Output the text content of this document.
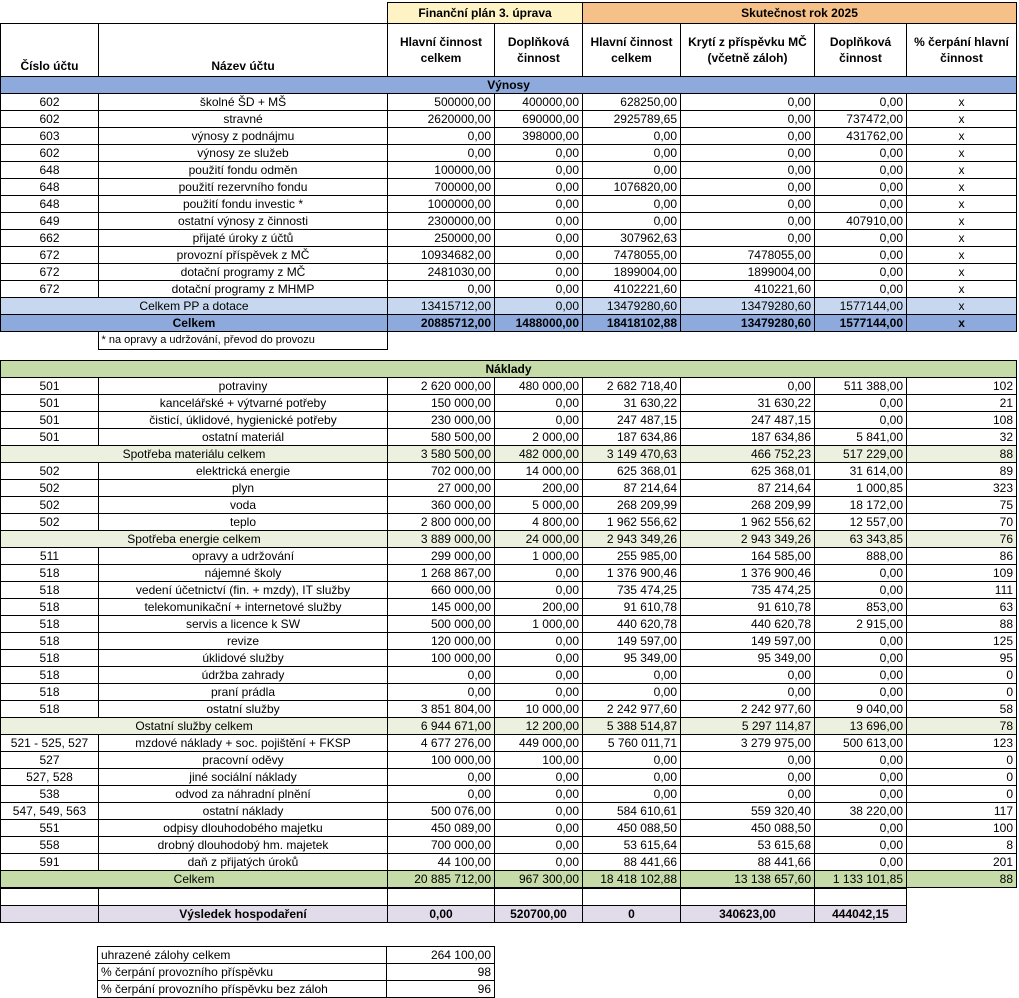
		Finanční plán 3. úprava		Skutečnost rok 2025			
Číslo účtu	Název účtu	Hlavní činnost celkem	Doplňková činnost	Hlavní činnost celkem	Krytí z příspěvku MČ (včetně záloh)	Doplňková činnost	% čerpání hlavní činnost
Výnosy							
602	školné ŠD + MŠ	500000,00	400000,00	628250,00	0,00	0,00	x
602	stravné	2620000,00	690000,00	2925789,65	0,00	737472,00	x
603	výnosy z podnájmu	0,00	398000,00	0,00	0,00	431762,00	x
602	výnosy ze služeb	0,00	0,00	0,00	0,00	0,00	x
648	použití fondu odměn	100000,00	0,00	0,00	0,00	0,00	x
648	použití rezervního fondu	700000,00	0,00	1076820,00	0,00	0,00	x
648	použití fondu investic *	1000000,00	0,00	0,00	0,00	0,00	x
649	ostatní výnosy z činnosti	2300000,00	0,00	0,00	0,00	407910,00	x
662	přijaté úroky z účtů	250000,00	0,00	307962,63	0,00	0,00	x
672	provozní příspěvek z MČ	10934682,00	0,00	7478055,00	7478055,00	0,00	x
672	dotační programy z MČ	2481030,00	0,00	1899004,00	1899004,00	0,00	x
672	dotační programy z MHMP	0,00	0,00	4102221,60	410221,60	0,00	x
Celkem PP a dotace		13415712,00	0,00	13479280,60	13479280,60	1577144,00	x
Celkem		20885712,00	1488000,00	18418102,88	13479280,60	1577144,00	x
	* na opravy a udržování, převod do provozu
Náklady							
501	potraviny	2 620 000,00	480 000,00	2 682 718,40	0,00	511 388,00	102
501	kancelářské + výtvarné potřeby	150 000,00	0,00	31 630,22	31 630,22	0,00	21
501	čisticí, úklidové, hygienické potřeby	230 000,00	0,00	247 487,15	247 487,15	0,00	108
501	ostatní materiál	580 500,00	2 000,00	187 634,86	187 634,86	5 841,00	32
Spotřeba materiálu celkem		3 580 500,00	482 000,00	3 149 470,63	466 752,23	517 229,00	88
502	elektrická energie	702 000,00	14 000,00	625 368,01	625 368,01	31 614,00	89
502	plyn	27 000,00	200,00	87 214,64	87 214,64	1 000,85	323
502	voda	360 000,00	5 000,00	268 209,99	268 209,99	18 172,00	75
502	teplo	2 800 000,00	4 800,00	1 962 556,62	1 962 556,62	12 557,00	70
Spotřeba energie celkem		3 889 000,00	24 000,00	2 943 349,26	2 943 349,26	63 343,85	76
511	opravy a udržování	299 000,00	1 000,00	255 985,00	164 585,00	888,00	86
518	nájemné školy	1 268 867,00	0,00	1 376 900,46	1 376 900,46	0,00	109
518	vedení účetnictví (fin. + mzdy), IT služby	660 000,00	0,00	735 474,25	735 474,25	0,00	111
518	telekomunikační + internetové služby	145 000,00	200,00	91 610,78	91 610,78	853,00	63
518	servis a licence k SW	500 000,00	1 000,00	440 620,78	440 620,78	2 915,00	88
518	revize	120 000,00	0,00	149 597,00	149 597,00	0,00	125
518	úklidové služby	100 000,00	0,00	95 349,00	95 349,00	0,00	95
518	údržba zahrady	0,00	0,00	0,00	0,00	0,00	0
518	praní prádla	0,00	0,00	0,00	0,00	0,00	0
518	ostatní služby	3 851 804,00	10 000,00	2 242 977,60	2 242 977,60	9 040,00	58
Ostatní služby celkem		6 944 671,00	12 200,00	5 388 514,87	5 297 114,87	13 696,00	78
521 - 525, 527	mzdové náklady + soc. pojištění + FKSP	4 677 276,00	449 000,00	5 760 011,71	3 279 975,00	500 613,00	123
527	pracovní oděvy	100 000,00	100,00	0,00	0,00	0,00	0
527, 528	jiné sociální náklady	0,00	0,00	0,00	0,00	0,00	0
538	odvod za náhradní plnění	0,00	0,00	0,00	0,00	0,00	0
547, 549, 563	ostatní náklady	500 076,00	0,00	584 610,61	559 320,40	38 220,00	117
551	odpisy dlouhodobého majetku	450 089,00	0,00	450 088,50	450 088,50	0,00	100
558	drobný dlouhodobý hm. majetek	700 000,00	0,00	53 615,64	53 615,68	0,00	8
591	daň z přijatých úroků	44 100,00	0,00	88 441,66	88 441,66	0,00	201
Celkem		20 885 712,00	967 300,00	18 418 102,88	13 138 657,60	1 133 101,85	88

	Výsledek hospodaření	0,00	520700,00	0	340623,00	444042,15
uhrazené zálohy celkem	264 100,00
% čerpání provozního příspěvku	98
% čerpání provozního příspěvku bez záloh	96
